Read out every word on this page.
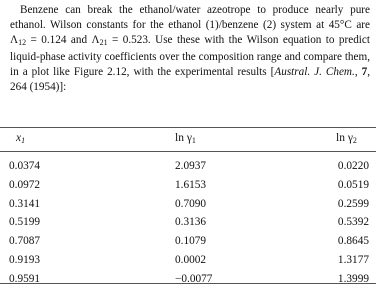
Benzene can break the ethanol/water azeotrope to produce nearly pure ethanol. Wilson constants for the ethanol (1)/benzene (2) system at 45°C are $\Lambda_{12} = 0.124$ and $\Lambda_{21} = 0.523$. Use these with the Wilson equation to predict liquid-phase activity coefficients over the composition range and compare them, in a plot like Figure 2.12, with the experimental results [Austral. J. Chem., 7, 264 (1954)]:

$x_1$	$\ln \gamma_1$	$\ln \gamma_2$
0.0374	2.0937	0.0220
0.0972	1.6153	0.0519
0.3141	0.7090	0.2599
0.5199	0.3136	0.5392
0.7087	0.1079	0.8645
0.9193	0.0002	1.3177
0.9591	−0.0077	1.3999
